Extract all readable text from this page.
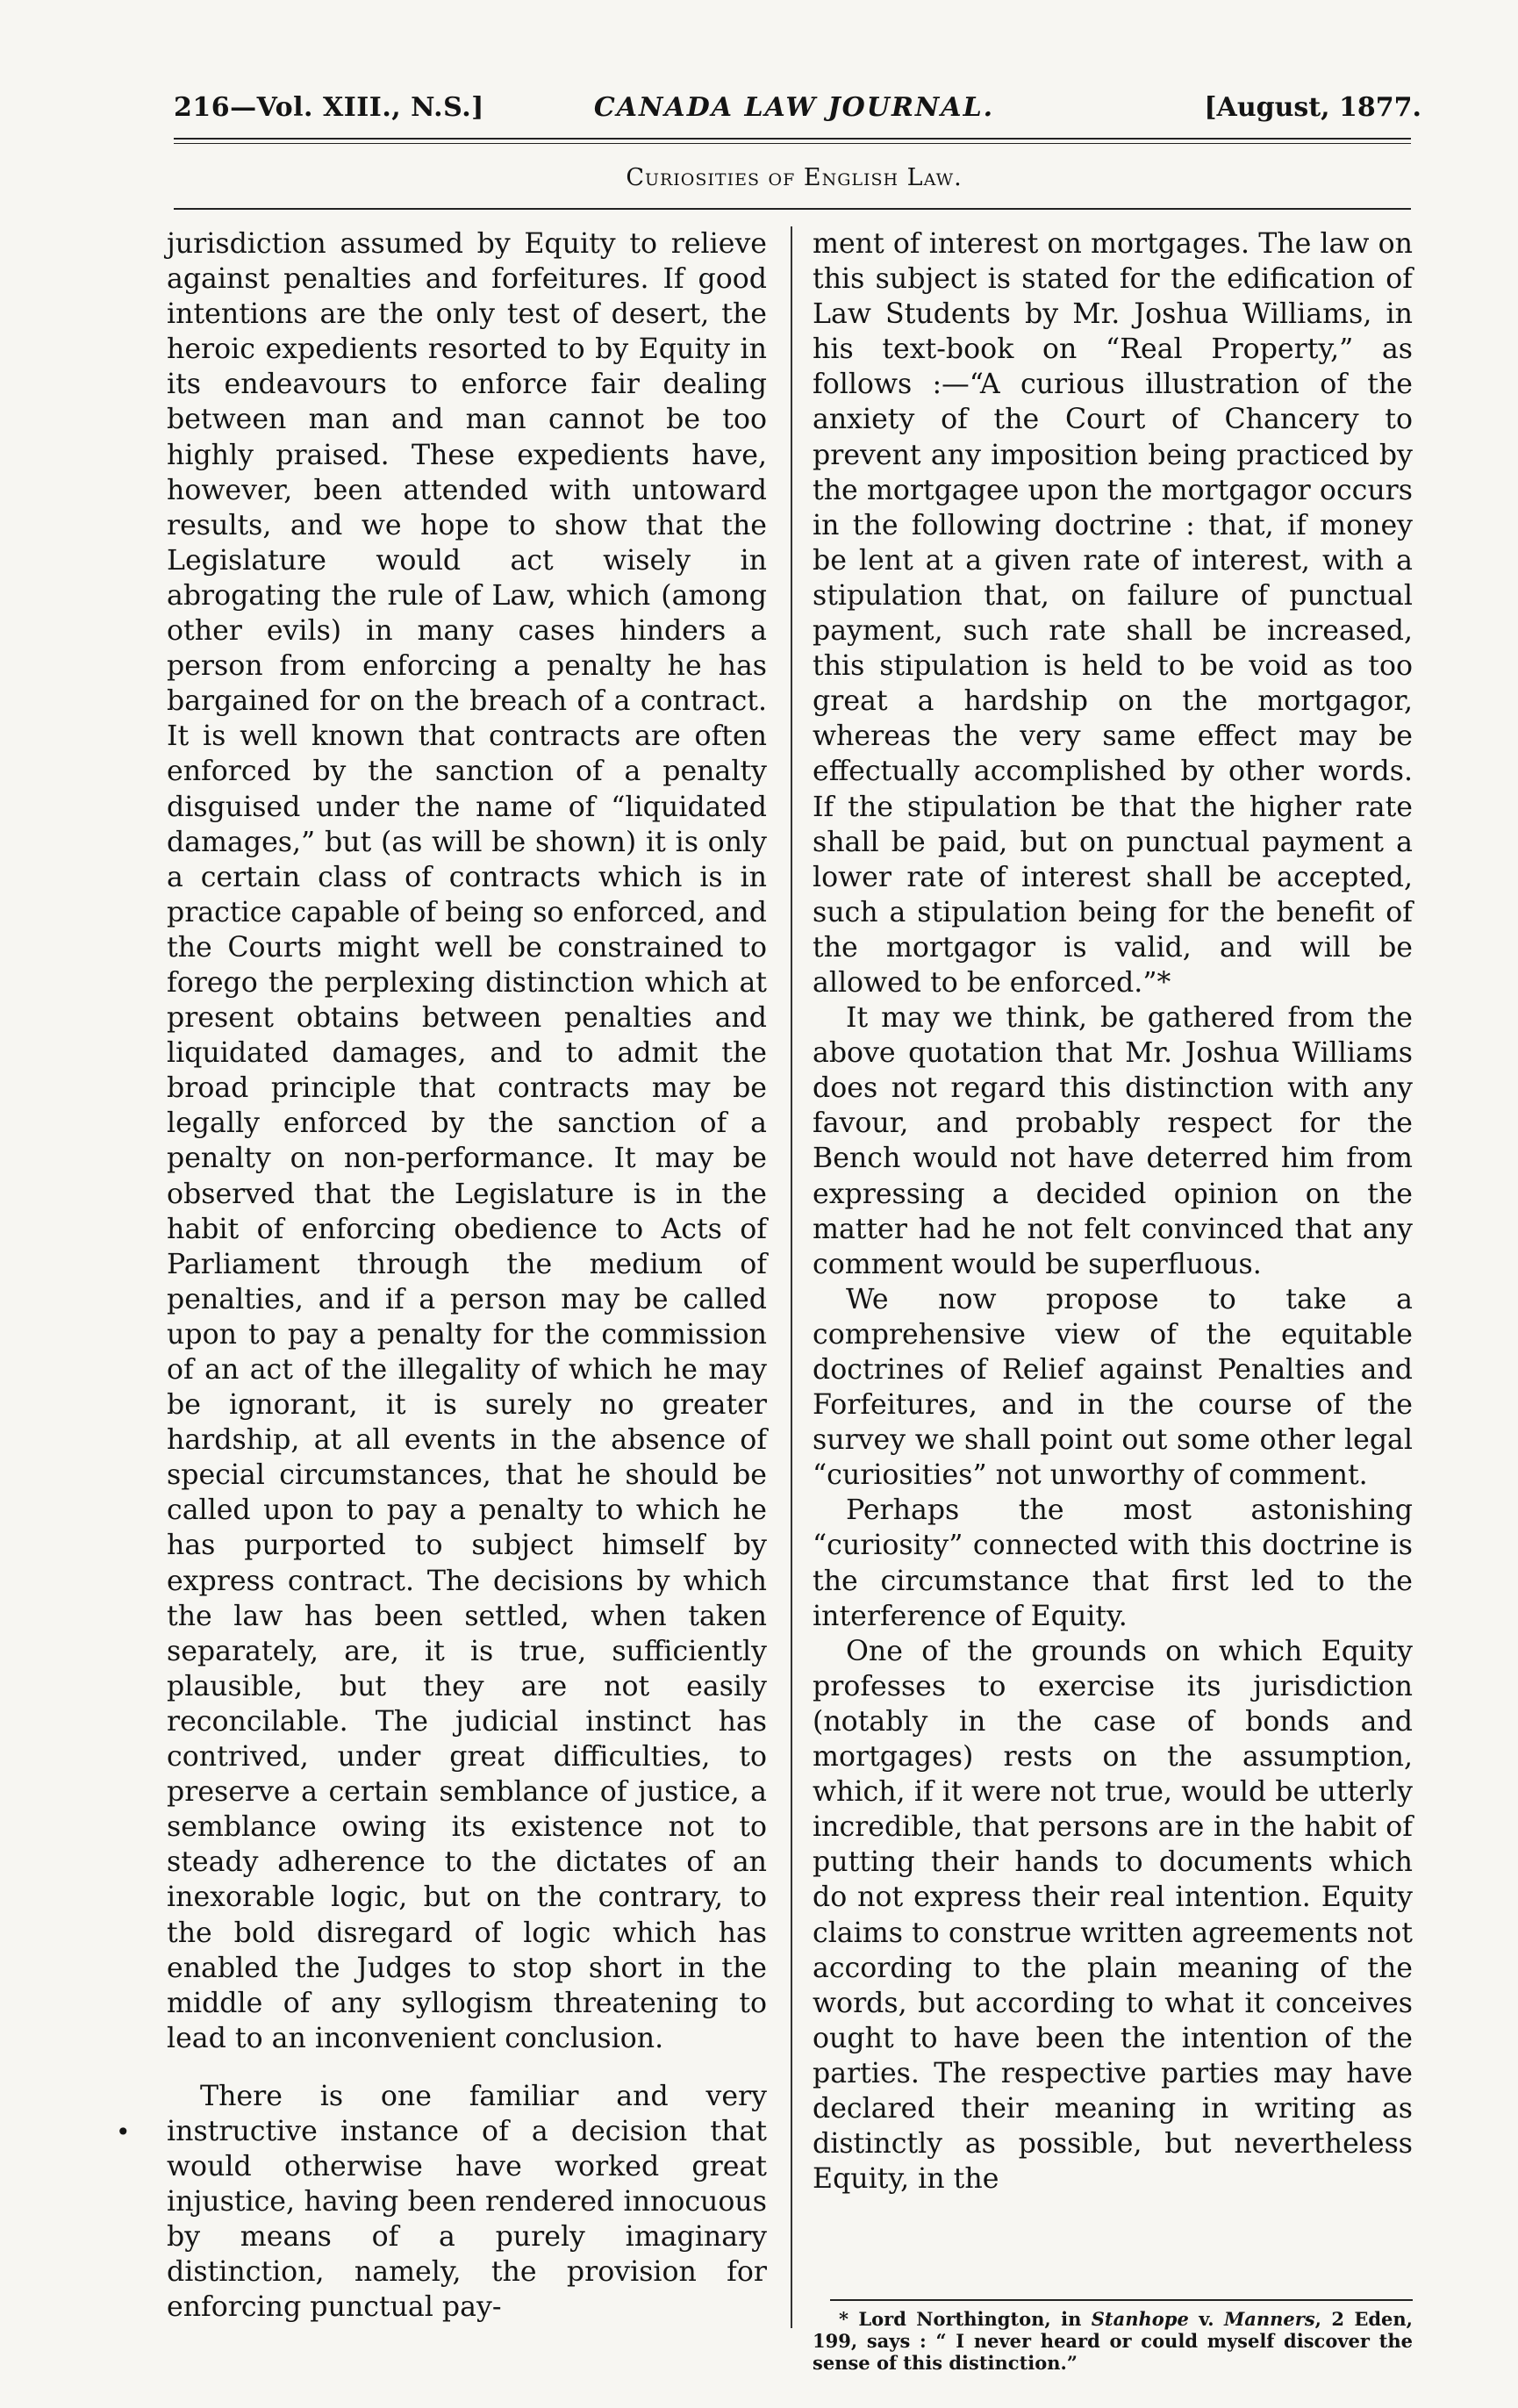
216—Vol. XIII., N.S.]	CANADA LAW JOURNAL.	[August, 1877.
Curiosities of English Law.

jurisdiction assumed by Equity to relieve against penalties and forfeitures. If good intentions are the only test of desert, the heroic expedients resorted to by Equity in its endeavours to enforce fair dealing between man and man cannot be too highly praised. These expedients have, however, been attended with untoward results, and we hope to show that the Legislature would act wisely in abrogating the rule of Law, which (among other evils) in many cases hinders a person from enforcing a penalty he has bargained for on the breach of a contract. It is well known that contracts are often enforced by the sanction of a penalty disguised under the name of “liquidated damages,” but (as will be shown) it is only a certain class of contracts which is in practice capable of being so enforced, and the Courts might well be constrained to forego the perplexing distinction which at present obtains between penalties and liquidated damages, and to admit the broad principle that contracts may be legally enforced by the sanction of a penalty on non-performance. It may be observed that the Legislature is in the habit of enforcing obedience to Acts of Parliament through the medium of penalties, and if a person may be called upon to pay a penalty for the commission of an act of the illegality of which he may be ignorant, it is surely no greater hardship, at all events in the absence of special circumstances, that he should be called upon to pay a penalty to which he has purported to subject himself by express contract. The decisions by which the law has been settled, when taken separately, are, it is true, sufficiently plausible, but they are not easily reconcilable. The judicial instinct has contrived, under great difficulties, to preserve a certain semblance of justice, a semblance owing its existence not to steady adherence to the dictates of an inexorable logic, but on the contrary, to the bold disregard of logic which has enabled the Judges to stop short in the middle of any syllogism threatening to lead to an inconvenient conclusion.

There is one familiar and very instructive instance of a decision that would otherwise have worked great injustice, having been rendered innocuous by means of a purely imaginary distinction, namely, the provision for enforcing punctual pay-

•

ment of interest on mortgages. The law on this subject is stated for the edification of Law Students by Mr. Joshua Williams, in his text-book on “Real Property,” as follows :—“A curious illustration of the anxiety of the Court of Chancery to prevent any imposition being practiced by the mortgagee upon the mortgagor occurs in the following doctrine : that, if money be lent at a given rate of interest, with a stipulation that, on failure of punctual payment, such rate shall be increased, this stipulation is held to be void as too great a hardship on the mortgagor, whereas the very same effect may be effectually accomplished by other words. If the stipulation be that the higher rate shall be paid, but on punctual payment a lower rate of interest shall be accepted, such a stipulation being for the benefit of the mortgagor is valid, and will be allowed to be enforced.”*

It may we think, be gathered from the above quotation that Mr. Joshua Williams does not regard this distinction with any favour, and probably respect for the Bench would not have deterred him from expressing a decided opinion on the matter had he not felt convinced that any comment would be superfluous.

We now propose to take a comprehensive view of the equitable doctrines of Relief against Penalties and Forfeitures, and in the course of the survey we shall point out some other legal “curiosities” not unworthy of comment.

Perhaps the most astonishing “curiosity” connected with this doctrine is the circumstance that first led to the interference of Equity.

One of the grounds on which Equity professes to exercise its jurisdiction (notably in the case of bonds and mortgages) rests on the assumption, which, if it were not true, would be utterly incredible, that persons are in the habit of putting their hands to documents which do not express their real intention. Equity claims to construe written agreements not according to the plain meaning of the words, but according to what it conceives ought to have been the intention of the parties. The respective parties may have declared their meaning in writing as distinctly as possible, but nevertheless Equity, in the

* Lord Northington, in Stanhope v. Manners, 2 Eden, 199, says : “ I never heard or could myself discover the sense of this distinction.”
